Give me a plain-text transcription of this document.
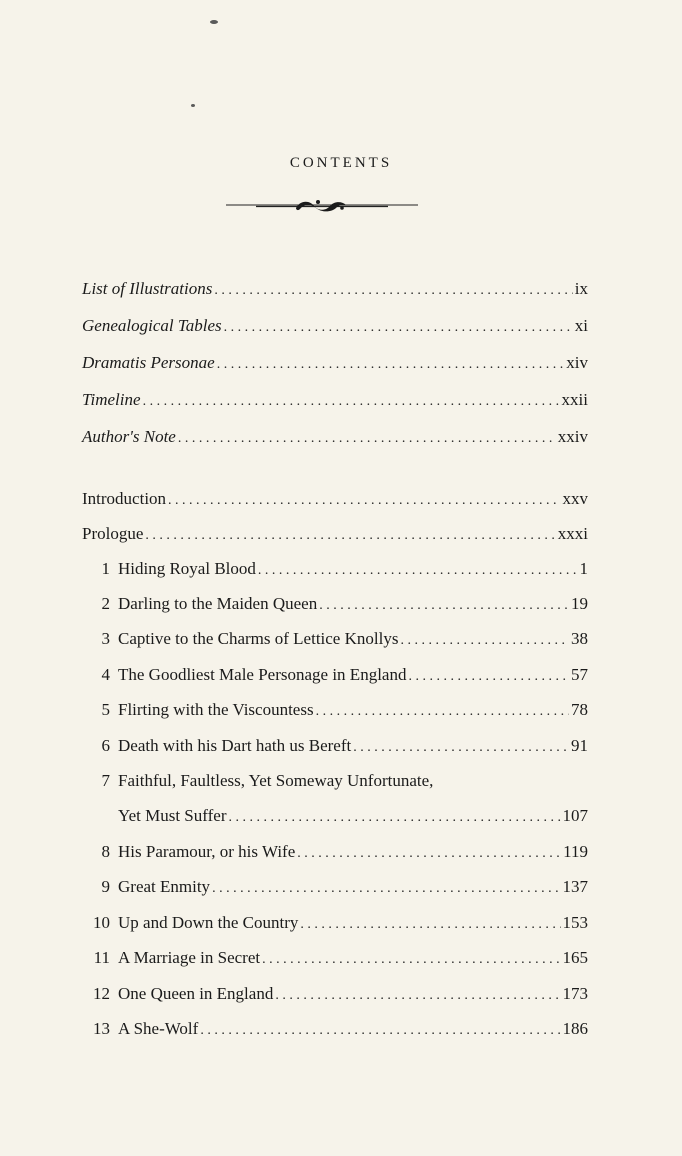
CONTENTS
List of Illustrations . . .	ix
Genealogical Tables . . .	xi
Dramatis Personae . . .	xiv
Timeline . . .	xxii
Author's Note . . .	xxiv
Introduction . . .	xxv
Prologue . . .	xxxi
1 Hiding Royal Blood . . .	1
2 Darling to the Maiden Queen . . .	19
3 Captive to the Charms of Lettice Knollys . . .	38
4 The Goodliest Male Personage in England . . .	57
5 Flirting with the Viscountess . . .	78
6 Death with his Dart hath us Bereft . . .	91
7 Faithful, Faultless, Yet Someway Unfortunate,
Yet Must Suffer . . .	107
8 His Paramour, or his Wife . . .	119
9 Great Enmity . . .	137
10 Up and Down the Country . . .	153
11 A Marriage in Secret . . .	165
12 One Queen in England . . .	173
13 A She-Wolf . . .	186
